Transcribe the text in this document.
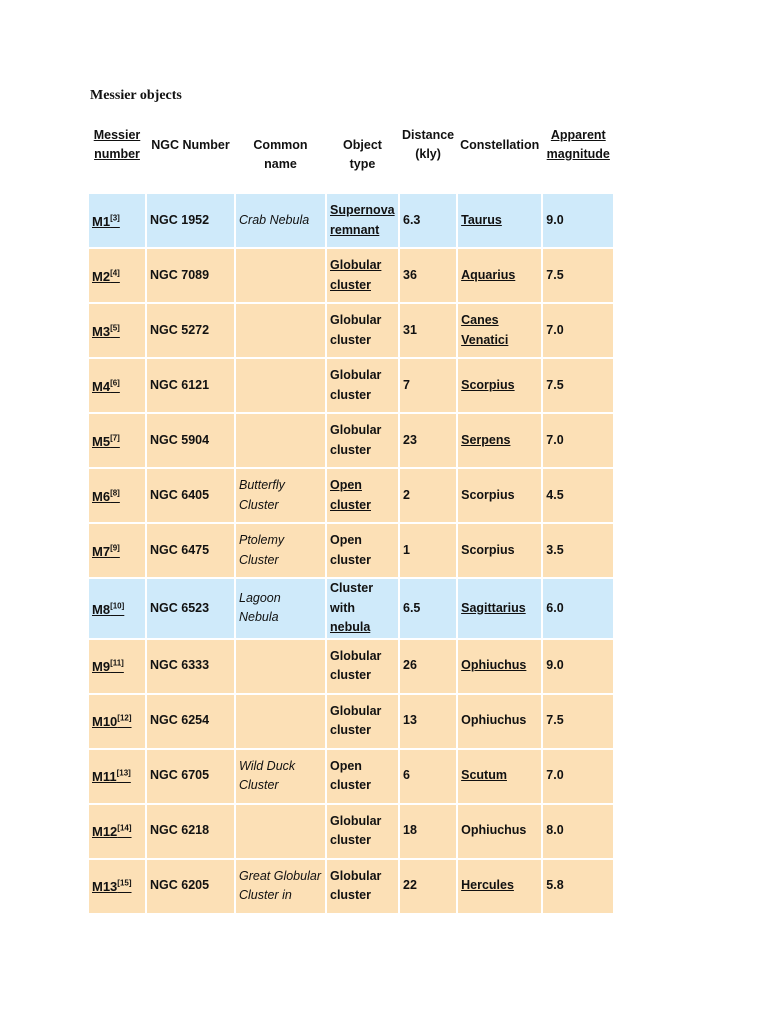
Messier objects
Messier
number	NGC Number	Common name	Object type	Distance
(kly)	Constellation	Apparent
magnitude
M1[3]	NGC 1952	Crab Nebula	Supernova
remnant	6.3	Taurus	9.0
M2[4]	NGC 7089		Globular
cluster	36	Aquarius	7.5
M3[5]	NGC 5272		Globular
cluster	31	Canes
Venatici	7.0
M4[6]	NGC 6121		Globular
cluster	7	Scorpius	7.5
M5[7]	NGC 5904		Globular
cluster	23	Serpens	7.0
M6[8]	NGC 6405	Butterfly
Cluster	Open
cluster	2	Scorpius	4.5
M7[9]	NGC 6475	Ptolemy Cluster	Open
cluster	1	Scorpius	3.5
M8[10]	NGC 6523	Lagoon Nebula	Cluster with
nebula	6.5	Sagittarius	6.0
M9[11]	NGC 6333		Globular
cluster	26	Ophiuchus	9.0
M10[12]	NGC 6254		Globular
cluster	13	Ophiuchus	7.5
M11[13]	NGC 6705	Wild Duck
Cluster	Open
cluster	6	Scutum	7.0
M12[14]	NGC 6218		Globular
cluster	18	Ophiuchus	8.0
M13[15]	NGC 6205	Great Globular
Cluster in	Globular
cluster	22	Hercules	5.8
